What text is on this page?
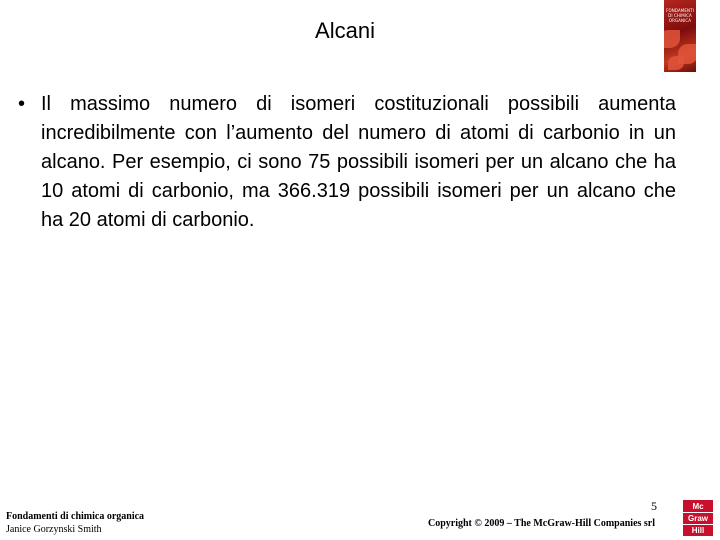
Alcani
FONDAMENTI
DI CHIMICA
ORGANICA
• Il massimo numero di isomeri costituzionali possibili aumenta incredibilmente con l’aumento del numero di atomi di carbonio in un alcano. Per esempio, ci sono 75 possibili isomeri per un alcano che ha 10 atomi di carbonio, ma 366.319 possibili isomeri per un alcano che ha 20 atomi di carbonio.
Fondamenti di chimica organica
Janice Gorzynski Smith
5
Copyright © 2009 – The McGraw-Hill Companies srl
Mc
Graw
Hill
